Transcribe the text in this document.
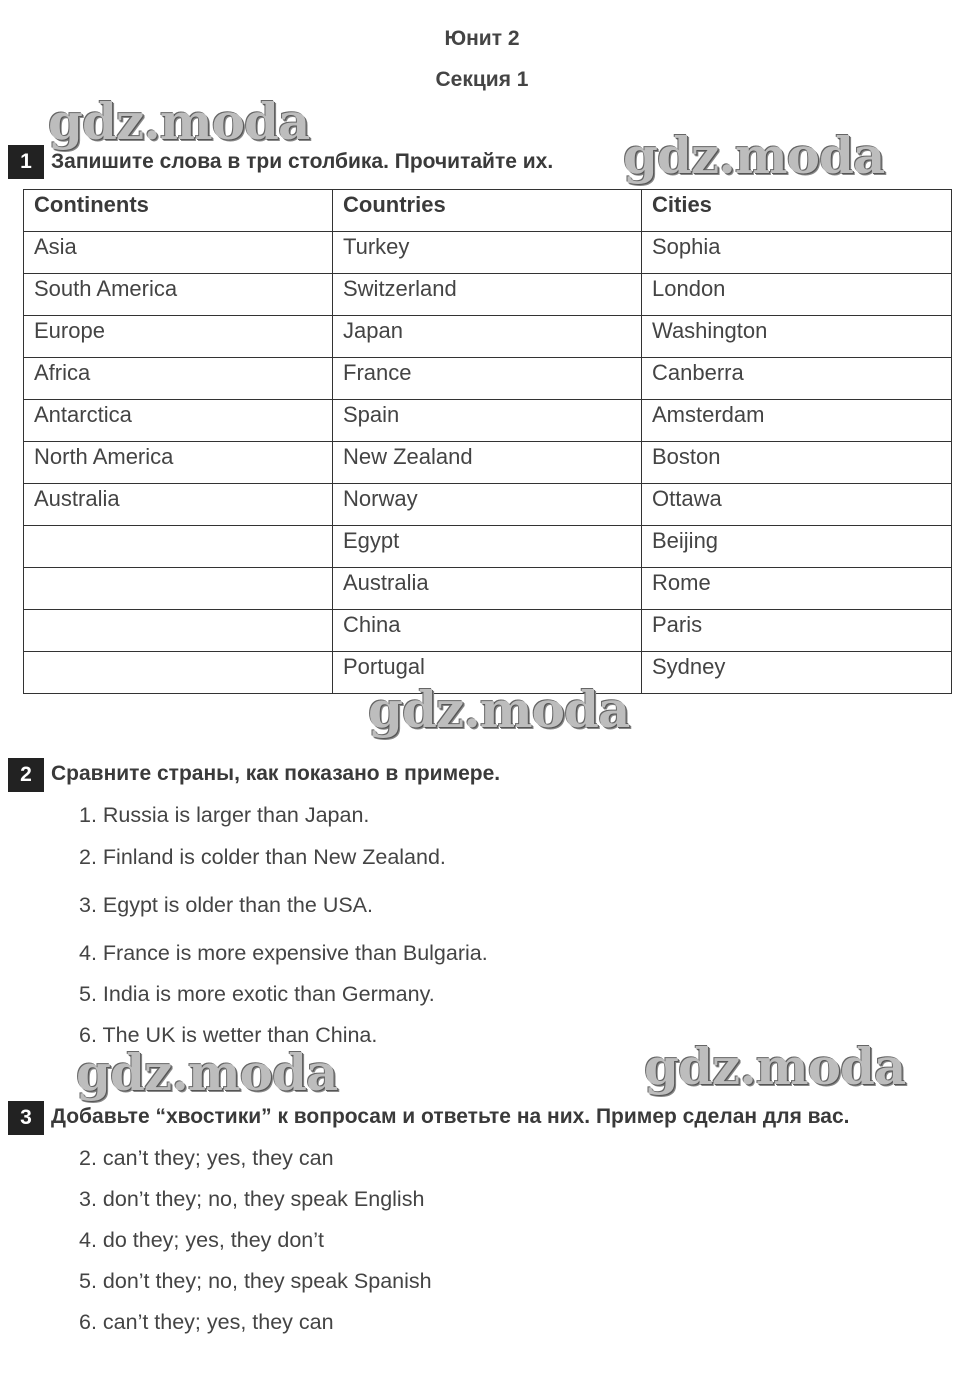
Юнит 2
Секция 1
1 Запишите слова в три столбика. Прочитайте их.
Continents	Countries	Cities
Asia	Turkey	Sophia
South America	Switzerland	London
Europe	Japan	Washington
Africa	France	Canberra
Antarctica	Spain	Amsterdam
North America	New Zealand	Boston
Australia	Norway	Ottawa
	Egypt	Beijing
	Australia	Rome
	China	Paris
	Portugal	Sydney
2 Сравните страны, как показано в примере.
1. Russia is larger than Japan.
2. Finland is colder than New Zealand.
3. Egypt is older than the USA.
4. France is more expensive than Bulgaria.
5. India is more exotic than Germany.
6. The UK is wetter than China.
3 Добавьте “хвостики” к вопросам и ответьте на них. Пример сделан для вас.
2. can’t they; yes, they can
3. don’t they; no, they speak English
4. do they; yes, they don’t
5. don’t they; no, they speak Spanish
6. can’t they; yes, they can
gdz.moda
gdz.moda
gdz.moda
gdz.moda	gdz.moda
